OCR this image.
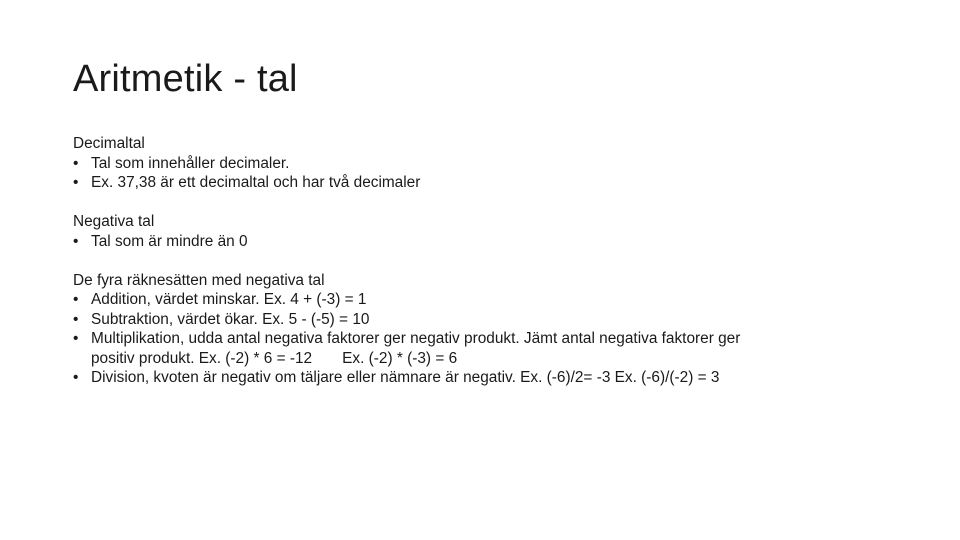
Aritmetik - tal
Decimaltal
• Tal som innehåller decimaler.
• Ex. 37,38 är ett decimaltal och har två decimaler
Negativa tal
• Tal som är mindre än 0
De fyra räknesätten med negativa tal
• Addition, värdet minskar. Ex. 4 + (-3) = 1
• Subtraktion, värdet ökar. Ex. 5 - (-5) = 10
• Multiplikation, udda antal negativa faktorer ger negativ produkt. Jämt antal negativa faktorer ger
positiv produkt. Ex. (-2) * 6 = -12 Ex. (-2) * (-3) = 6
• Division, kvoten är negativ om täljare eller nämnare är negativ. Ex. (-6)/2= -3 Ex. (-6)/(-2) = 3
